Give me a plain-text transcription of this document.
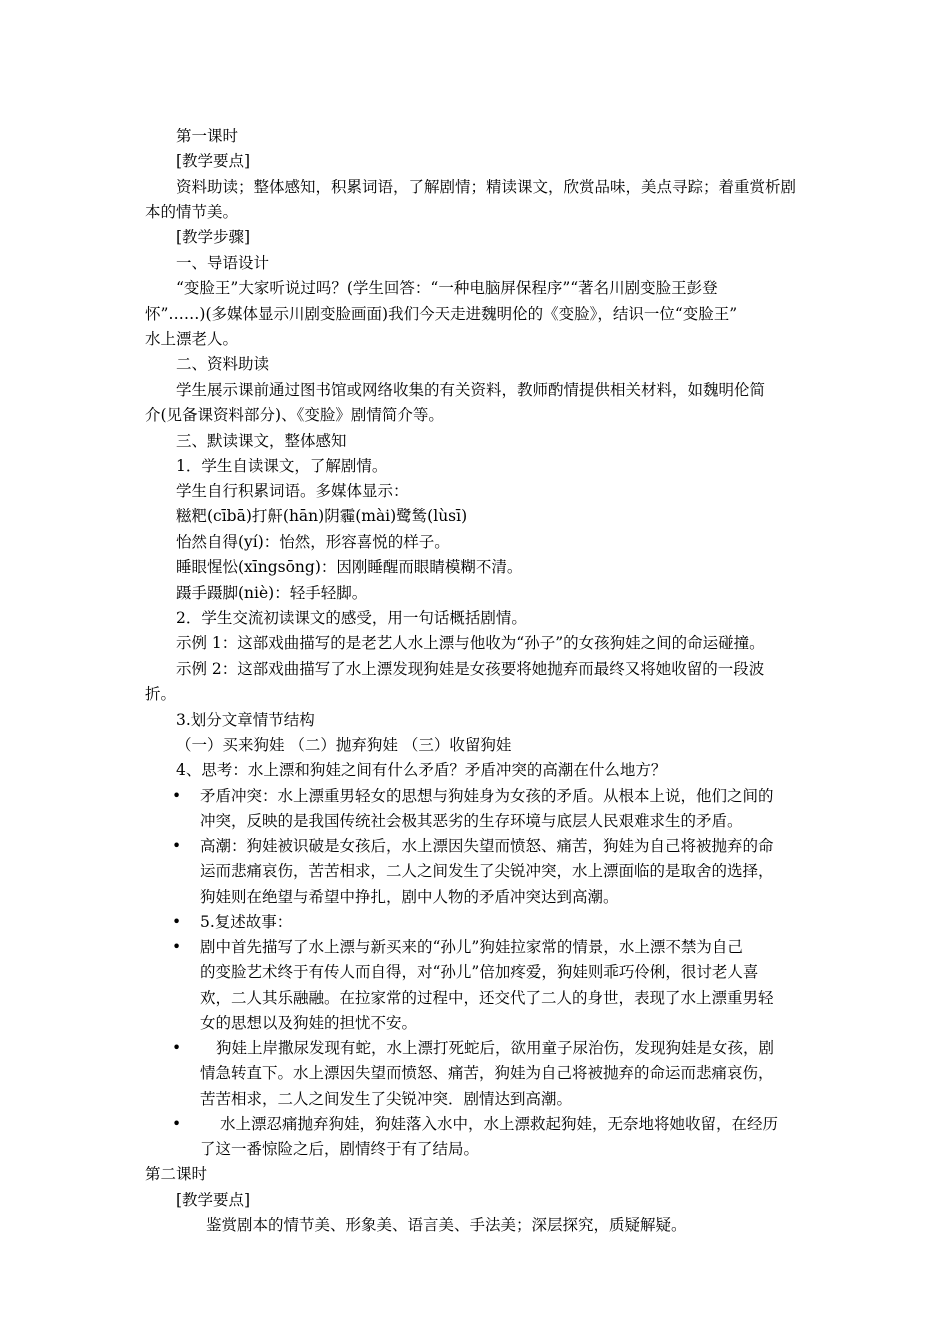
第一课时
[教学要点]
资料助读；整体感知，积累词语，了解剧情；精读课文，欣赏品味，美点寻踪；着重赏析剧
本的情节美。
[教学步骤]
一、导语设计
“变脸王”大家听说过吗？(学生回答：“一种电脑屏保程序”“著名川剧变脸王彭登
怀”……)(多媒体显示川剧变脸画面)我们今天走进魏明伦的《变脸》，结识一位“变脸王”
水上漂老人。
二、资料助读
学生展示课前通过图书馆或网络收集的有关资料，教师酌情提供相关材料，如魏明伦简
介(见备课资料部分)、《变脸》剧情简介等。
三、默读课文，整体感知
1．学生自读课文，了解剧情。
学生自行积累词语。多媒体显示：
糍粑(cībā)打鼾(hān)阴霾(mài)鹭鸶(lùsī)
怡然自得(yí)：怡然，形容喜悦的样子。
睡眼惺忪(xīngsōng)：因刚睡醒而眼睛模糊不清。
蹑手蹑脚(niè)：轻手轻脚。
2．学生交流初读课文的感受，用一句话概括剧情。
示例 1：这部戏曲描写的是老艺人水上漂与他收为“孙子”的女孩狗娃之间的命运碰撞。
示例 2：这部戏曲描写了水上漂发现狗娃是女孩要将她抛弃而最终又将她收留的一段波
折。
3.划分文章情节结构
（一）买来狗娃 （二）抛弃狗娃 （三）收留狗娃
4、思考：水上漂和狗娃之间有什么矛盾？矛盾冲突的高潮在什么地方？
• 矛盾冲突：水上漂重男轻女的思想与狗娃身为女孩的矛盾。从根本上说，他们之间的
冲突，反映的是我国传统社会极其恶劣的生存环境与底层人民艰难求生的矛盾。
• 高潮：狗娃被识破是女孩后，水上漂因失望而愤怒、痛苦，狗娃为自己将被抛弃的命
运而悲痛哀伤，苦苦相求，二人之间发生了尖锐冲突，水上漂面临的是取舍的选择，
狗娃则在绝望与希望中挣扎，剧中人物的矛盾冲突达到高潮。
• 5.复述故事：
• 剧中首先描写了水上漂与新买来的“孙儿”狗娃拉家常的情景，水上漂不禁为自己
的变脸艺术终于有传人而自得，对“孙儿”倍加疼爱，狗娃则乖巧伶俐，很讨老人喜
欢，二人其乐融融。在拉家常的过程中，还交代了二人的身世，表现了水上漂重男轻
女的思想以及狗娃的担忧不安。
• 狗娃上岸撒尿发现有蛇，水上漂打死蛇后，欲用童子尿治伤，发现狗娃是女孩，剧
情急转直下。水上漂因失望而愤怒、痛苦，狗娃为自己将被抛弃的命运而悲痛哀伤，
苦苦相求，二人之间发生了尖锐冲突．剧情达到高潮。
•	水上漂忍痛抛弃狗娃，狗娃落入水中，水上漂救起狗娃，无奈地将她收留，在经历
了这一番惊险之后，剧情终于有了结局。
第二课时
[教学要点]
鉴赏剧本的情节美、形象美、语言美、手法美；深层探究，质疑解疑。
